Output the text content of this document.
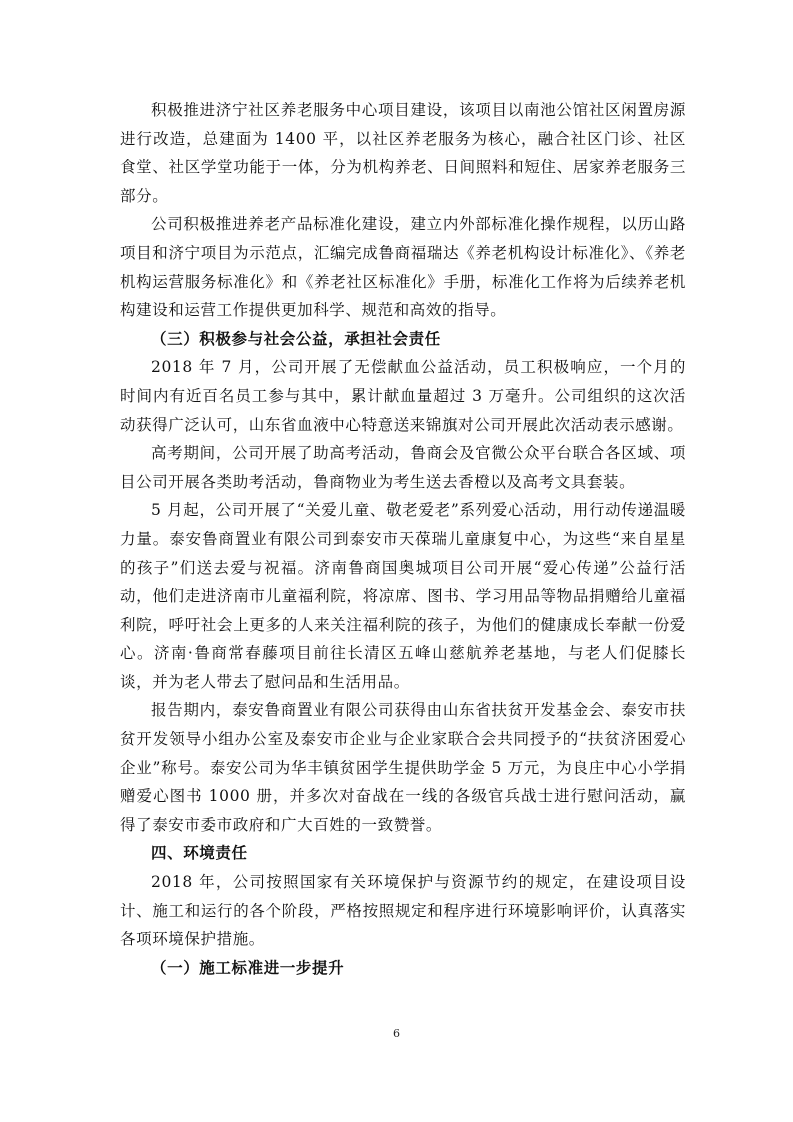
积极推进济宁社区养老服务中心项目建设，该项目以南池公馆社区闲置房源进行改造，总建面为 1400 平，以社区养老服务为核心，融合社区门诊、社区食堂、社区学堂功能于一体，分为机构养老、日间照料和短住、居家养老服务三部分。

公司积极推进养老产品标准化建设，建立内外部标准化操作规程，以历山路项目和济宁项目为示范点，汇编完成鲁商福瑞达《养老机构设计标准化》、《养老机构运营服务标准化》和《养老社区标准化》手册，标准化工作将为后续养老机构建设和运营工作提供更加科学、规范和高效的指导。

（三）积极参与社会公益，承担社会责任

2018 年 7 月，公司开展了无偿献血公益活动，员工积极响应，一个月的时间内有近百名员工参与其中，累计献血量超过 3 万毫升。公司组织的这次活动获得广泛认可，山东省血液中心特意送来锦旗对公司开展此次活动表示感谢。

高考期间，公司开展了助高考活动，鲁商会及官微公众平台联合各区域、项目公司开展各类助考活动，鲁商物业为考生送去香橙以及高考文具套装。

5 月起，公司开展了“关爱儿童、敬老爱老”系列爱心活动，用行动传递温暖力量。泰安鲁商置业有限公司到泰安市天葆瑞儿童康复中心，为这些“来自星星的孩子”们送去爱与祝福。济南鲁商国奥城项目公司开展“爱心传递”公益行活动，他们走进济南市儿童福利院，将凉席、图书、学习用品等物品捐赠给儿童福利院，呼吁社会上更多的人来关注福利院的孩子，为他们的健康成长奉献一份爱心。济南·鲁商常春藤项目前往长清区五峰山慈航养老基地，与老人们促膝长谈，并为老人带去了慰问品和生活用品。

报告期内，泰安鲁商置业有限公司获得由山东省扶贫开发基金会、泰安市扶贫开发领导小组办公室及泰安市企业与企业家联合会共同授予的“扶贫济困爱心企业”称号。泰安公司为华丰镇贫困学生提供助学金 5 万元，为良庄中心小学捐赠爱心图书 1000 册，并多次对奋战在一线的各级官兵战士进行慰问活动，赢得了泰安市委市政府和广大百姓的一致赞誉。

四、环境责任

2018 年，公司按照国家有关环境保护与资源节约的规定，在建设项目设计、施工和运行的各个阶段，严格按照规定和程序进行环境影响评价，认真落实各项环境保护措施。

（一）施工标准进一步提升

6
